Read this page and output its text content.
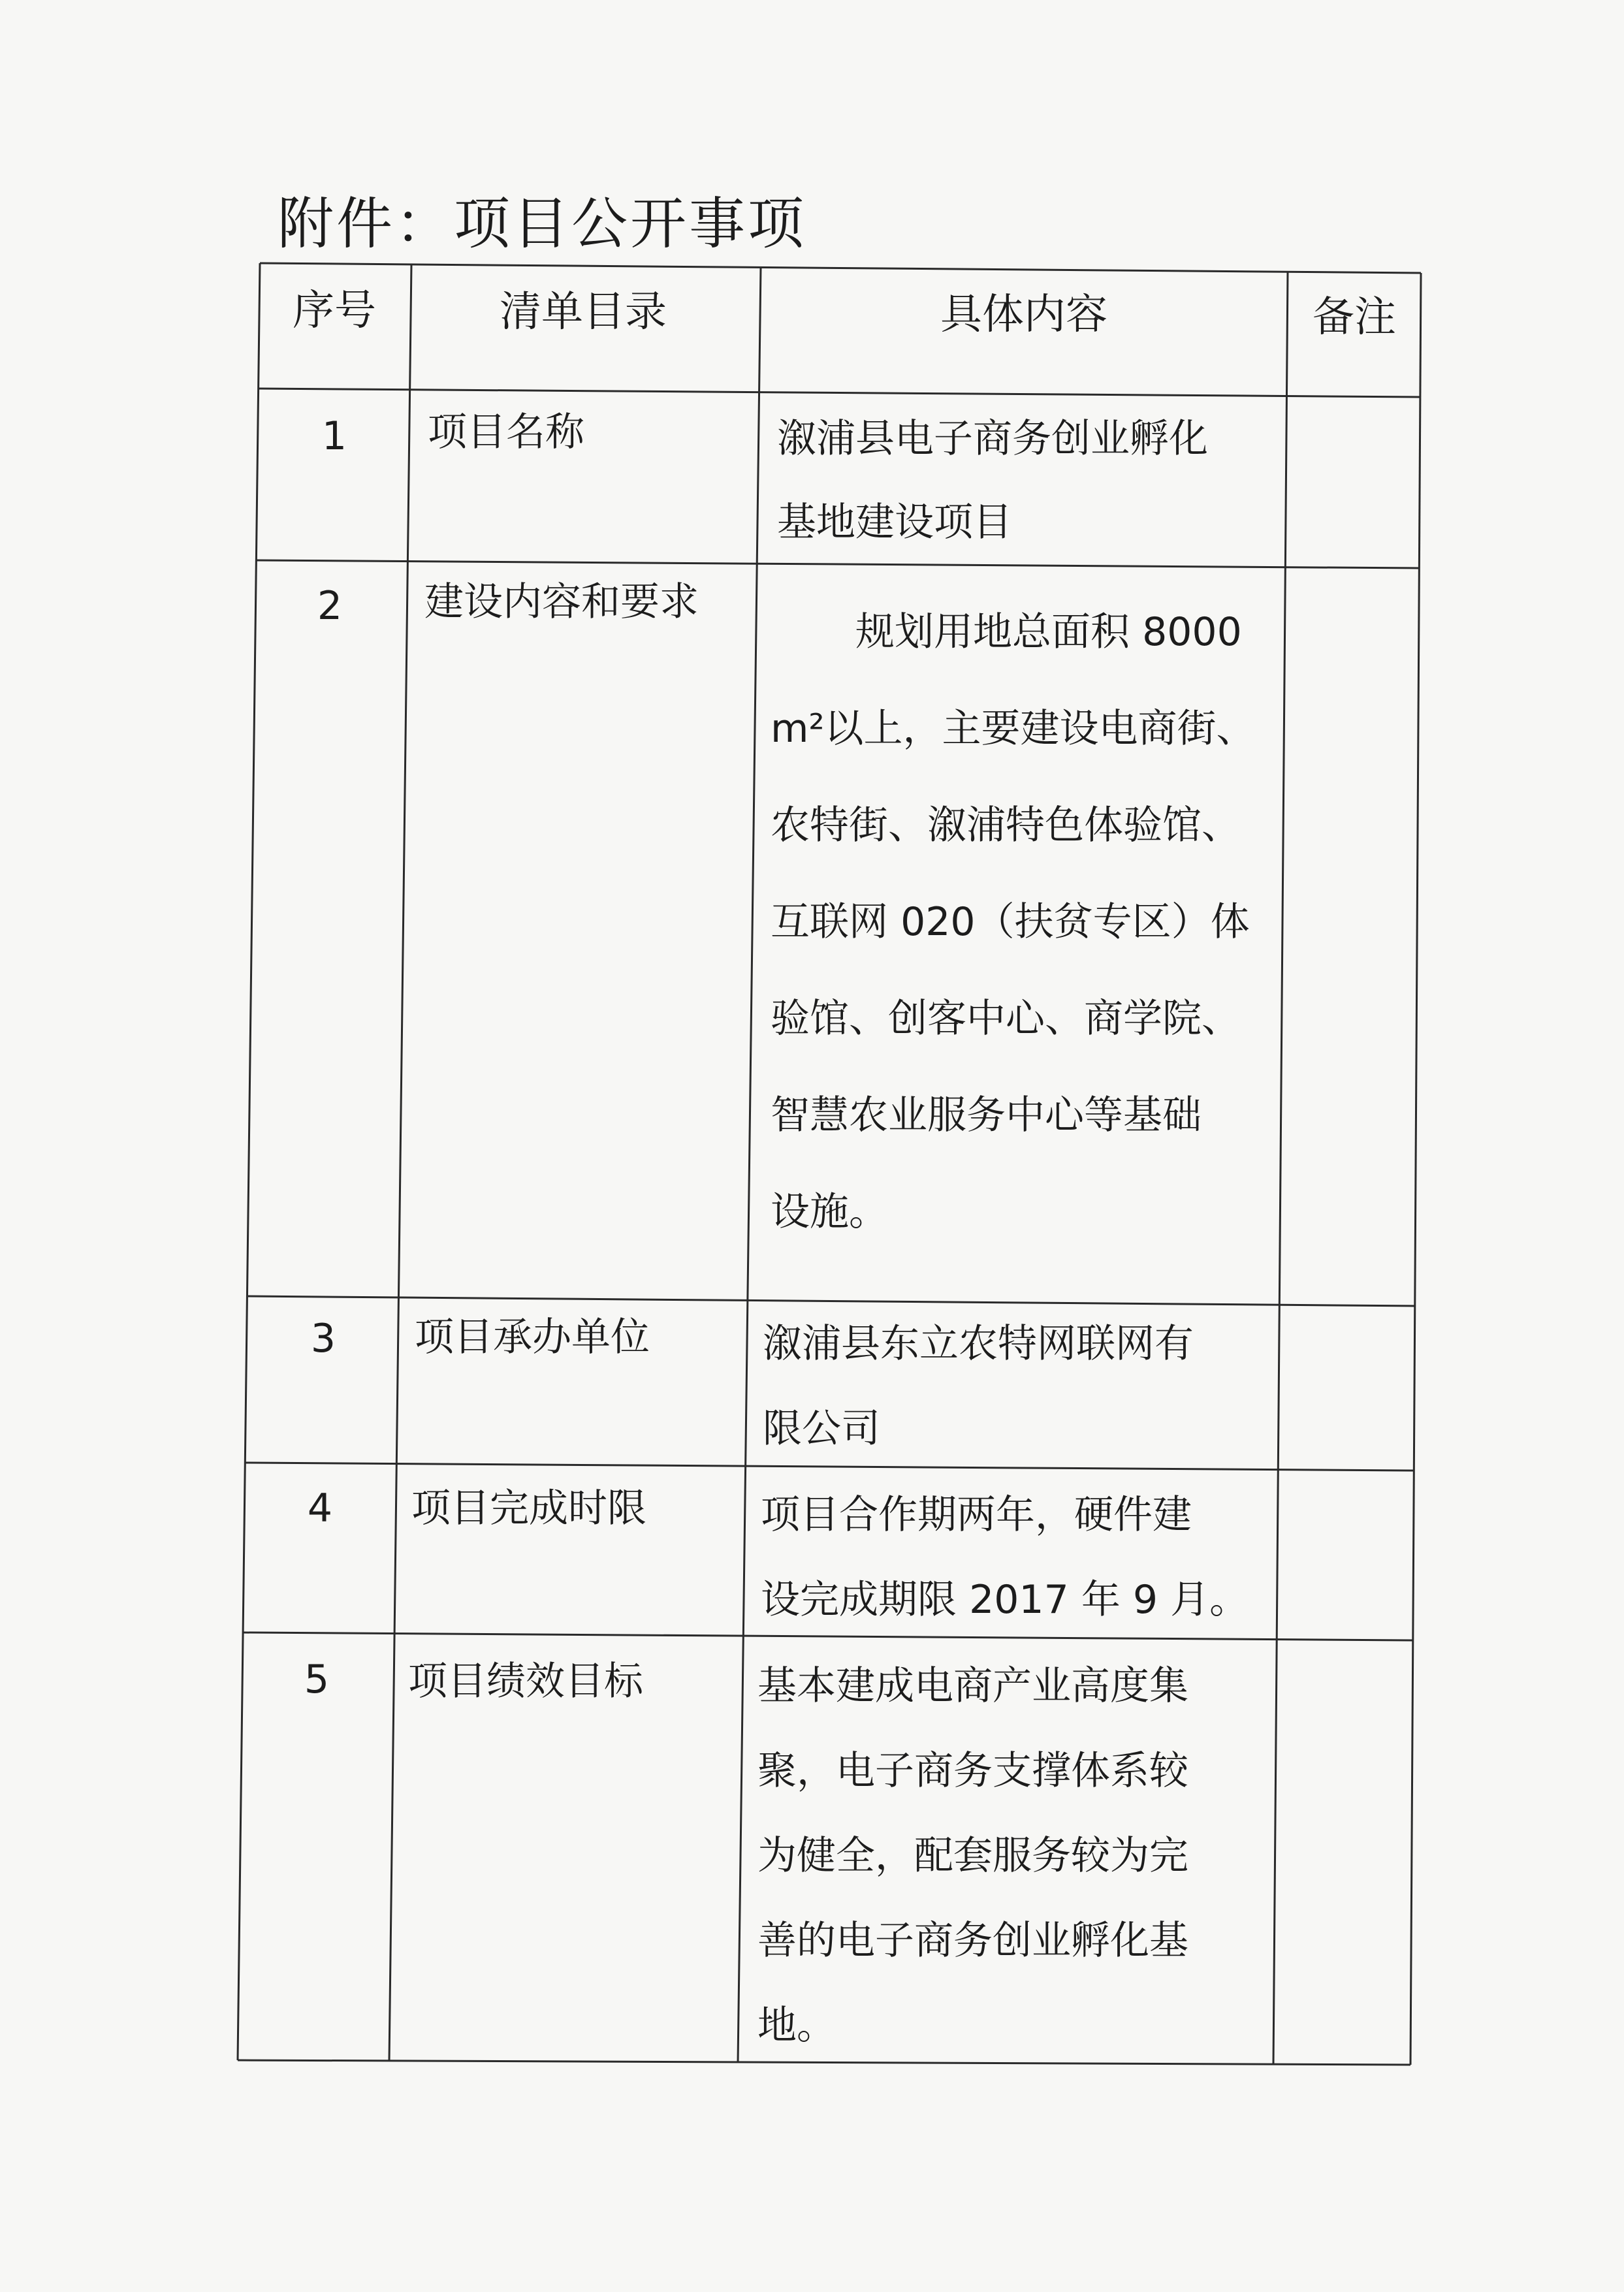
附件：项目公开事项
序号	清单目录	具体内容	备注
1	项目名称	溆浦县电子商务创业孵化
基地建设项目
2	建设内容和要求
规划用地总面积 8000
m²以上，主要建设电商街、
农特街、溆浦特色体验馆、
互联网 020（扶贫专区）体
验馆、创客中心、商学院、
智慧农业服务中心等基础
设施。
3	项目承办单位	溆浦县东立农特网联网有
限公司
4	项目完成时限	项目合作期两年，硬件建
设完成期限 2017 年 9 月。
5	项目绩效目标	基本建成电商产业高度集
聚，电子商务支撑体系较
为健全，配套服务较为完
善的电子商务创业孵化基
地。
